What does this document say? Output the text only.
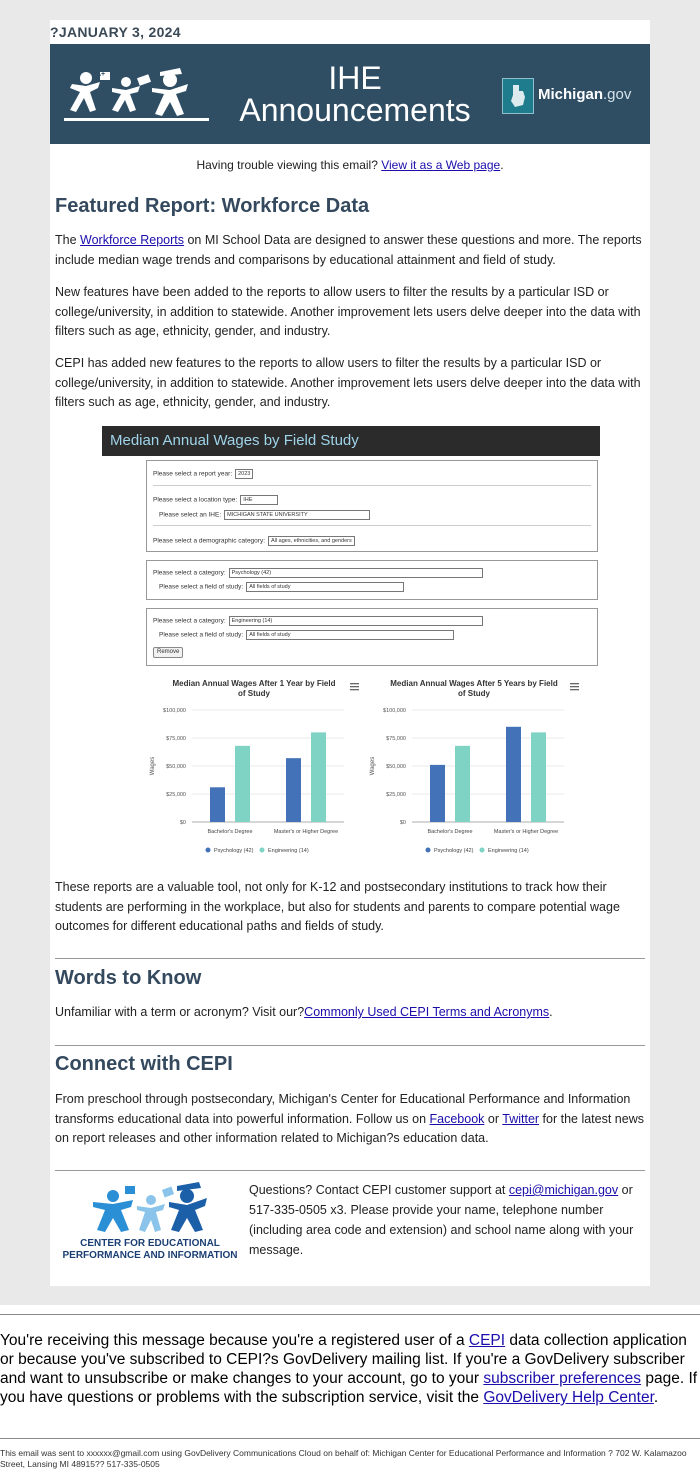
?JANUARY 3, 2024
A+	IHE
Announcements	Michigan.gov
Having trouble viewing this email? View it as a Web page.
Featured Report: Workforce Data
The Workforce Reports on MI School Data are designed to answer these questions and more. The reports include median wage trends and comparisons by educational attainment and field of study.
New features have been added to the reports to allow users to filter the results by a particular ISD or college/university, in addition to statewide. Another improvement lets users delve deeper into the data with filters such as age, ethnicity, gender, and industry.
CEPI has added new features to the reports to allow users to filter the results by a particular ISD or college/university, in addition to statewide. Another improvement lets users delve deeper into the data with filters such as age, ethnicity, gender, and industry.
Median Annual Wages by Field Study
Please select a report year: 2023
Please select a location type: IHE
Please select an IHE: MICHIGAN STATE UNIVERSITY
Please select a demographic category: All ages, ethnicities, and genders
Please select a category: Psychology (42)
Please select a field of study: All fields of study
Please select a category: Engineering (14)
Please select a field of study: All fields of study
Remove
Median Annual Wages After 1 Year by Field
of Study
$0
$25,000
$50,000
$75,000
$100,000
Wages
Bachelor's Degree	Master's or Higher Degree
Psychology (42)	Engineering (14)
Median Annual Wages After 5 Years by Field
of Study
$0
$25,000
$50,000
$75,000
$100,000
Wages
Bachelor's Degree	Master's or Higher Degree
Psychology (42)	Engineering (14)
These reports are a valuable tool, not only for K-12 and postsecondary institutions to track how their students are performing in the workplace, but also for students and parents to compare potential wage outcomes for different educational paths and fields of study.
Words to Know
Unfamiliar with a term or acronym? Visit our?Commonly Used CEPI Terms and Acronyms.
Connect with CEPI
From preschool through postsecondary, Michigan's Center for Educational Performance and Information transforms educational data into powerful information. Follow us on Facebook or Twitter for the latest news on report releases and other information related to Michigan?s education data.
CENTER FOR EDUCATIONAL
PERFORMANCE AND INFORMATION
Questions? Contact CEPI customer support at cepi@michigan.gov or 517-335-0505 x3. Please provide your name, telephone number (including area code and extension) and school name along with your message.
You're receiving this message because you're a registered user of a CEPI data collection application or because you've subscribed to CEPI?s GovDelivery mailing list. If you're a GovDelivery subscriber and want to unsubscribe or make changes to your account, go to your subscriber preferences page. If you have questions or problems with the subscription service, visit the GovDelivery Help Center.
This email was sent to xxxxxx@gmail.com using GovDelivery Communications Cloud on behalf of: Michigan Center for Educational Performance and Information ? 702 W. Kalamazoo Street, Lansing MI 48915?? 517-335-0505
